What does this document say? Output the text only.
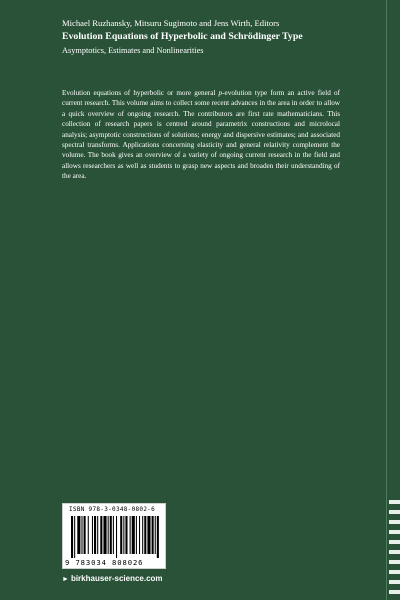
Michael Ruzhansky, Mitsuru Sugimoto and Jens Wirth, Editors

Evolution Equations of Hyperbolic and Schrödinger Type

Asymptotics, Estimates and Nonlinearities

Evolution equations of hyperbolic or more general p-evolution type form an active field of current research. This volume aims to collect some recent advances in the area in order to allow a quick overview of ongoing research. The contributors are first rate mathematicians. This collection of research papers is centred around parametrix constructions and microlocal analysis; asymptotic constructions of solutions; energy and dispersive estimates; and associated spectral transforms. Applications concerning elasticity and general relativity complement the volume. The book gives an overview of a variety of ongoing current research in the field and allows researchers as well as students to grasp new aspects and broaden their understanding of the area.

ISBN 978-3-0348-0802-6
9 783034 808026
► birkhauser-science.com
